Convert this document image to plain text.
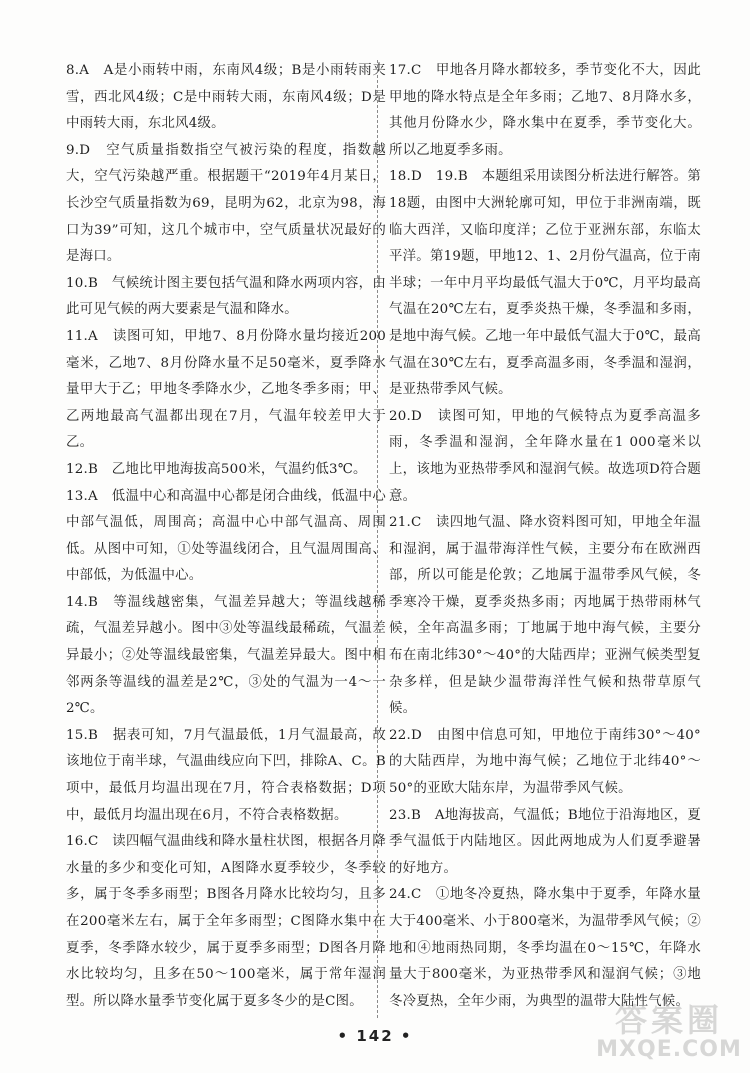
8.A　A是小雨转中雨，东南风4级；B是小雨转雨夹雪，西北风4级；C是中雨转大雨，东南风4级；D是中雨转大雨，东北风4级。

9.D　空气质量指数指空气被污染的程度，指数越大，空气污染越严重。根据题干“2019年4月某日，长沙空气质量指数为69，昆明为62，北京为98，海口为39”可知，这几个城市中，空气质量状况最好的是海口。

10.B　气候统计图主要包括气温和降水两项内容，由此可见气候的两大要素是气温和降水。

11.A　读图可知，甲地7、8月份降水量均接近200毫米，乙地7、8月份降水量不足50毫米，夏季降水量甲大于乙；甲地冬季降水少，乙地冬季多雨；甲、乙两地最高气温都出现在7月，气温年较差甲大于乙。

12.B　乙地比甲地海拔高500米，气温约低3℃。

13.A　低温中心和高温中心都是闭合曲线，低温中心中部气温低，周围高；高温中心中部气温高、周围低。从图中可知，①处等温线闭合，且气温周围高、中部低，为低温中心。

14.B　等温线越密集，气温差异越大；等温线越稀疏，气温差异越小。图中③处等温线最稀疏，气温差异最小；②处等温线最密集，气温差异最大。图中相邻两条等温线的温差是2℃，③处的气温为一4～一2℃。

15.B　据表可知，7月气温最低，1月气温最高，故该地位于南半球，气温曲线应向下凹，排除A、C。B项中，最低月均温出现在7月，符合表格数据；D项中，最低月均温出现在6月，不符合表格数据。

16.C　读四幅气温曲线和降水量柱状图，根据各月降水量的多少和变化可知，A图降水夏季较少，冬季较多，属于冬季多雨型；B图各月降水比较均匀，且多在200毫米左右，属于全年多雨型；C图降水集中在夏季，冬季降水较少，属于夏季多雨型；D图各月降水比较均匀，且多在50～100毫米，属于常年湿润型。所以降水量季节变化属于夏多冬少的是C图。

17.C　甲地各月降水都较多，季节变化不大，因此甲地的降水特点是全年多雨；乙地7、8月降水多，其他月份降水少，降水集中在夏季，季节变化大。所以乙地夏季多雨。

18.D　19.B　本题组采用读图分析法进行解答。第18题，由图中大洲轮廓可知，甲位于非洲南端，既临大西洋，又临印度洋；乙位于亚洲东部，东临太平洋。第19题，甲地12、1、2月份气温高，位于南半球；一年中月平均最低气温大于0℃，月平均最高气温在20℃左右，夏季炎热干燥，冬季温和多雨，是地中海气候。乙地一年中最低气温大于0℃，最高气温在30℃左右，夏季高温多雨，冬季温和湿润，是亚热带季风气候。

20.D　读图可知，甲地的气候特点为夏季高温多雨，冬季温和湿润，全年降水量在1 000毫米以上，该地为亚热带季风和湿润气候。故选项D符合题意。

21.C　读四地气温、降水资料图可知，甲地全年温和湿润，属于温带海洋性气候，主要分布在欧洲西部，所以可能是伦敦；乙地属于温带季风气候，冬季寒冷干燥，夏季炎热多雨；丙地属于热带雨林气候，全年高温多雨；丁地属于地中海气候，主要分布在南北纬30°～40°的大陆西岸；亚洲气候类型复杂多样，但是缺少温带海洋性气候和热带草原气候。

22.D　由图中信息可知，甲地位于南纬30°～40°的大陆西岸，为地中海气候；乙地位于北纬40°～50°的亚欧大陆东岸，为温带季风气候。

23.B　A地海拔高，气温低；B地位于沿海地区，夏季气温低于内陆地区。因此两地成为人们夏季避暑的好地方。

24.C　①地冬冷夏热，降水集中于夏季，年降水量大于400毫米、小于800毫米，为温带季风气候；②地和④地雨热同期，冬季均温在0～15℃，年降水量大于800毫米，为亚热带季风和湿润气候；③地冬冷夏热，全年少雨，为典型的温带大陆性气候。

• 142 •	答案圈
MXQE.COM
